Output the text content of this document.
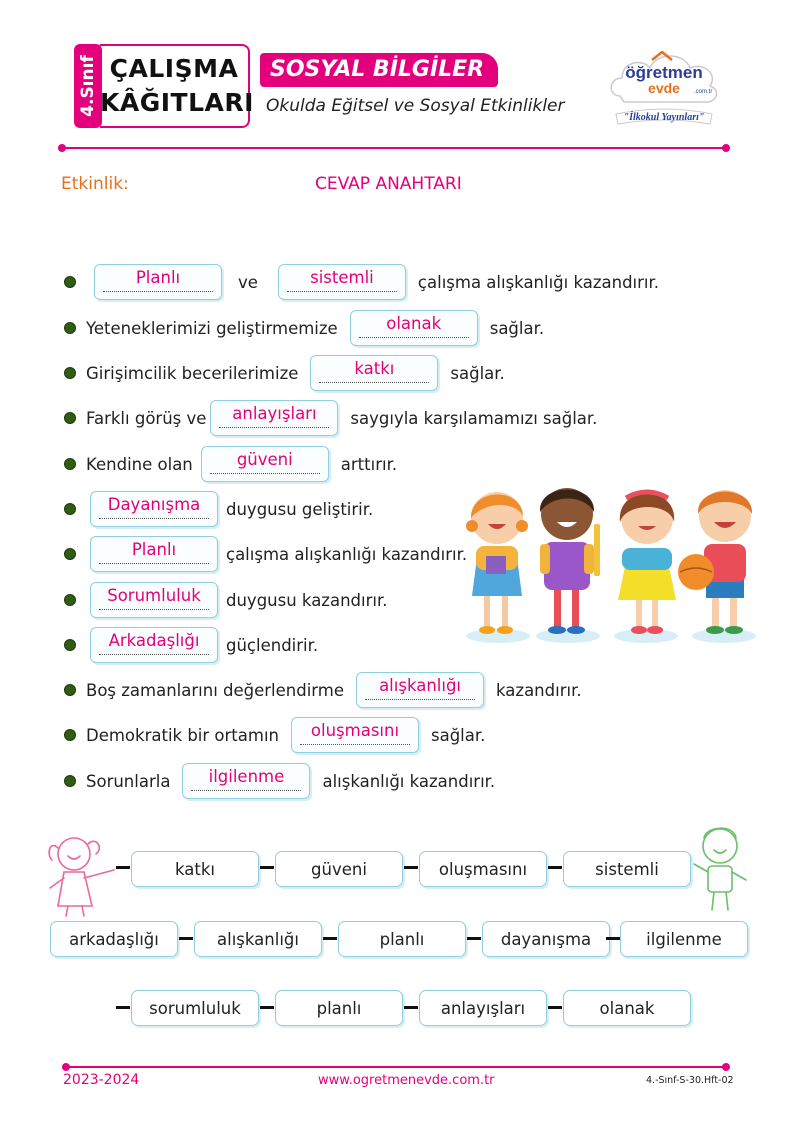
4.Sınıf ÇALIŞMA
KÂĞITLARI
SOSYAL BİLGİLER
Okulda Eğitsel ve Sosyal Etkinlikler
öğretmen
evde .com.tr
"İlkokul Yayınları"
Etkinlik:	CEVAP ANAHTARI
Planlı	ve	sistemli	çalışma alışkanlığı kazandırır.
Yeteneklerimizi geliştirmemize	olanak	sağlar.
Girişimcilik becerilerimize	katkı	sağlar.
Farklı görüş ve	anlayışları	saygıyla karşılamamızı sağlar.
Kendine olan	güveni	arttırır.
Dayanışma	duygusu geliştirir.
Planlı	çalışma alışkanlığı kazandırır.
Sorumluluk	duygusu kazandırır.
Arkadaşlığı	güçlendirir.
Boş zamanlarını değerlendirme	alışkanlığı	kazandırır.
Demokratik bir ortamın	oluşmasını	sağlar.
Sorunlarla	ilgilenme	alışkanlığı kazandırır.
katkı	güveni	oluşmasını	sistemli
arkadaşlığı	alışkanlığı	planlı	dayanışma	ilgilenme
sorumluluk	planlı	anlayışları	olanak
2023-2024	www.ogretmenevde.com.tr	4.-Sınf-S-30.Hft-02
